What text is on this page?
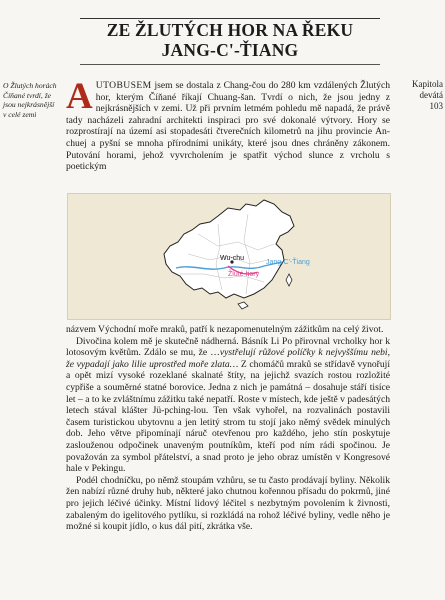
ZE ŽLUTÝCH HOR NA ŘEKU
JANG-C'-ŤIANG
O Žlutých horách Číňané tvrdí, že jsou nejkrásnější v celé zemi
Kapitola devátá
103

AUTOBUSEM jsem se dostala z Chang-čou do 280 km vzdálených Žlutých hor, kterým Číňané říkají Chuang-šan. Tvrdí o nich, že jsou jedny z nejkrásnějších v zemi. Už při prvním letmém pohledu mě napadá, že právě tady nacházeli zahradní architekti inspiraci pro své dokonalé výtvory. Hory se rozprostírají na území asi stopadesáti čtverečních kilometrů na jihu provincie An-chuej a pyšní se mnoha přírodními unikáty, které jsou dnes chráněny zákonem. Putování horami, jehož vyvrcholením je spatřit východ slunce z vrcholu s poetickým

Wu-chu
Žluté hory
Jang-C'-Ťiang

názvem Východní moře mraků, patří k nezapomenutelným zážitkům na celý život.

Divočina kolem mě je skutečně nádherná. Básník Li Po přirovnal vrcholky hor k lotosovým květům. Zdálo se mu, že …vystřelují růžové políčky k nejvyššímu nebi, že vypadají jako lilie uprostřed moře zlata… Z chomáčů mraků se střídavě vynořují a opět mizí vysoké rozeklané skalnaté štíty, na jejichž svazích rostou rozložité cypřiše a souměrné statné borovice. Jedna z nich je památná – dosahuje stáří tisíce let – a to ke zvláštnímu zážitku také nepatří. Roste v místech, kde ještě v padesátých letech stával klášter Jü-pching-lou. Ten však vyhořel, na rozvalinách postavili časem turistickou ubytovnu a jen letitý strom tu stojí jako němý svědek minulých dob. Jeho větve připomínají náruč otevřenou pro každého, jeho stín poskytuje zaslouženou odpočinek unaveným poutníkům, kteří pod ním rádi spočinou. Je považován za symbol přátelství, a snad proto je jeho obraz umístěn v Kongresové hale v Pekingu.

Podél chodníčku, po němž stoupám vzhůru, se tu často prodávají byliny. Několik žen nabízí různé druhy hub, některé jako chutnou kořennou přísadu do pokrmů, jiné pro jejich léčivé účinky. Místní lidový léčitel s nezbytným povolením k živnosti, zabaleným do igelitového pytlíku, si rozkládá na rohož léčivé byliny, vedle něho je možné si koupit jídlo, o kus dál pití, zkrátka vše.
